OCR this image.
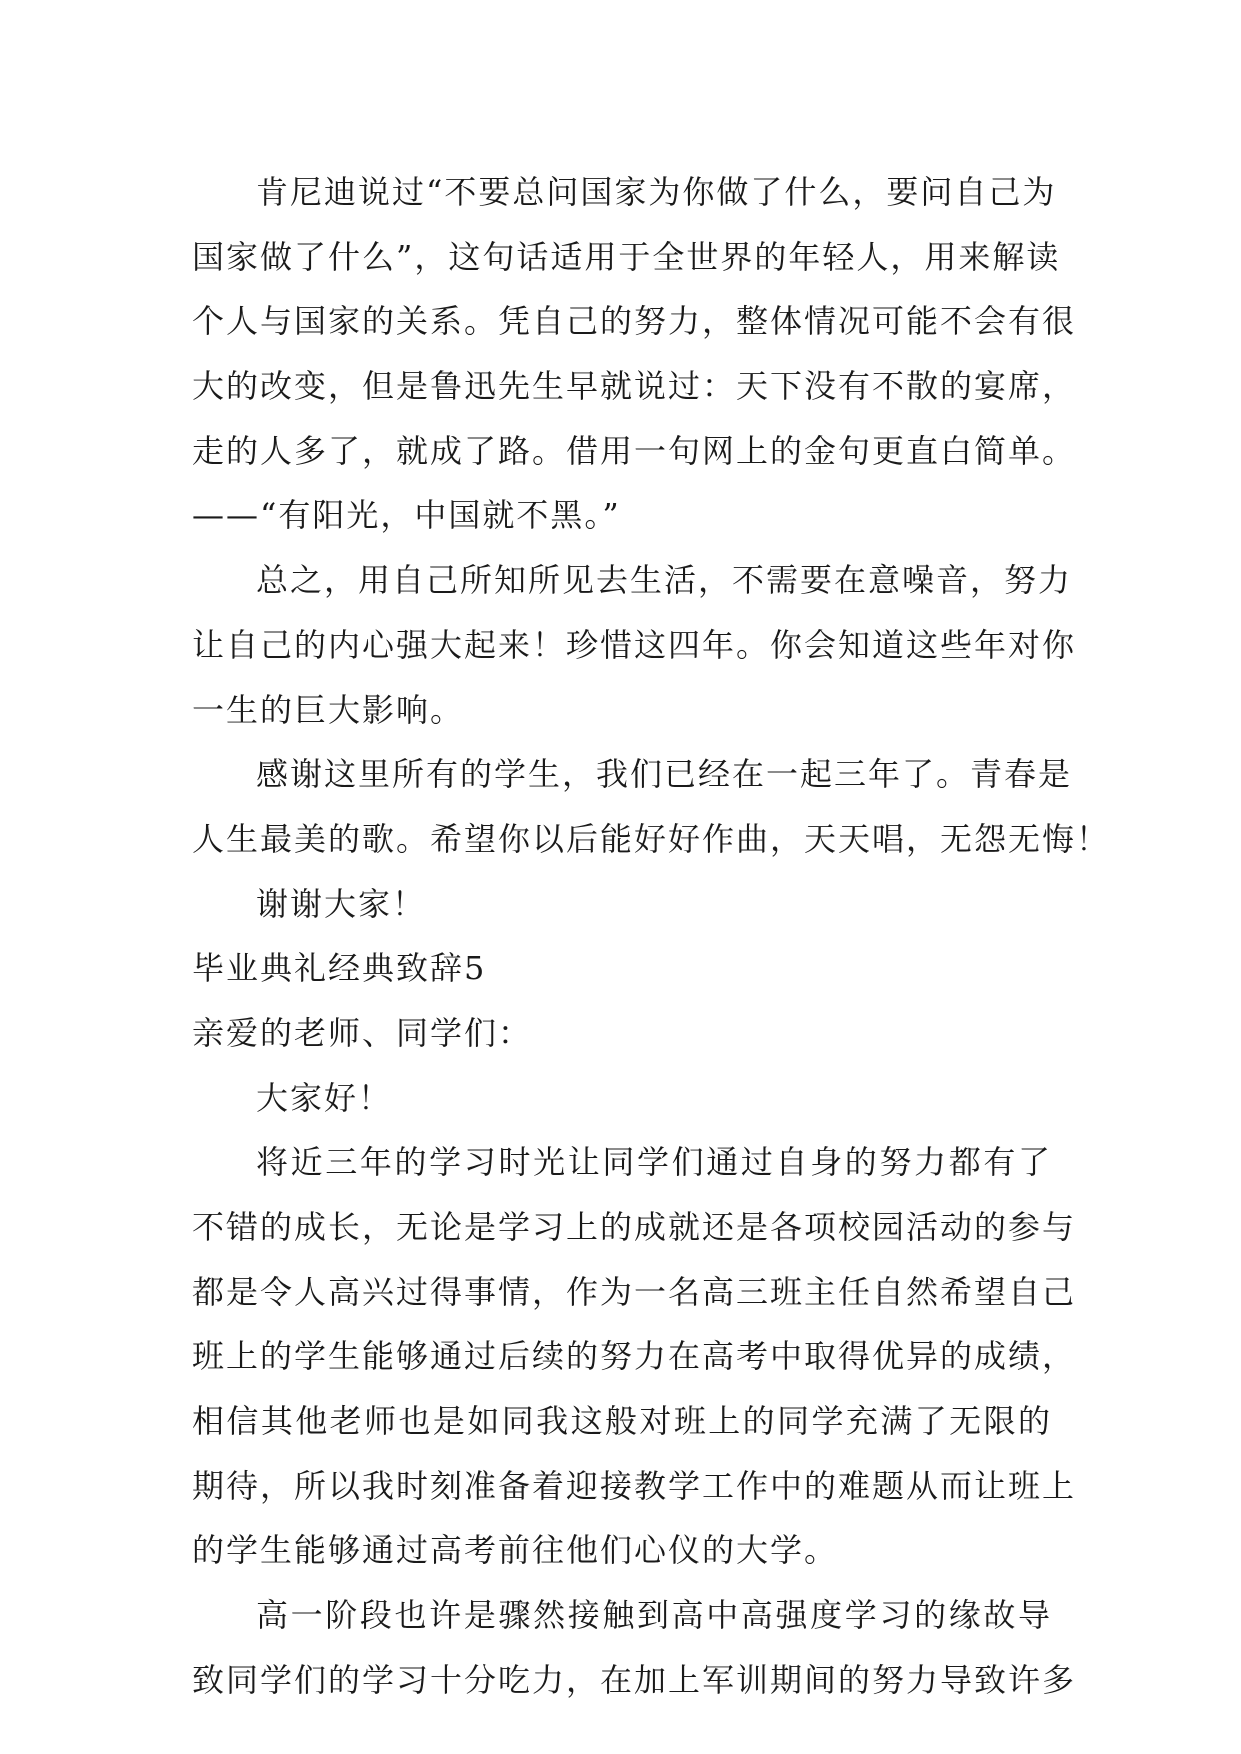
肯尼迪说过“不要总问国家为你做了什么，要问自己为
国家做了什么”，这句话适用于全世界的年轻人，用来解读
个人与国家的关系。凭自己的努力，整体情况可能不会有很
大的改变，但是鲁迅先生早就说过：天下没有不散的宴席，
走的人多了，就成了路。借用一句网上的金句更直白简单。
——“有阳光，中国就不黑。”
总之，用自己所知所见去生活，不需要在意噪音，努力
让自己的内心强大起来！珍惜这四年。你会知道这些年对你
一生的巨大影响。
感谢这里所有的学生，我们已经在一起三年了。青春是
人生最美的歌。希望你以后能好好作曲，天天唱，无怨无悔！
谢谢大家！
毕业典礼经典致辞5
亲爱的老师、同学们：
大家好！
将近三年的学习时光让同学们通过自身的努力都有了
不错的成长，无论是学习上的成就还是各项校园活动的参与
都是令人高兴过得事情，作为一名高三班主任自然希望自己
班上的学生能够通过后续的努力在高考中取得优异的成绩，
相信其他老师也是如同我这般对班上的同学充满了无限的
期待，所以我时刻准备着迎接教学工作中的难题从而让班上
的学生能够通过高考前往他们心仪的大学。
高一阶段也许是骤然接触到高中高强度学习的缘故导
致同学们的学习十分吃力，在加上军训期间的努力导致许多
